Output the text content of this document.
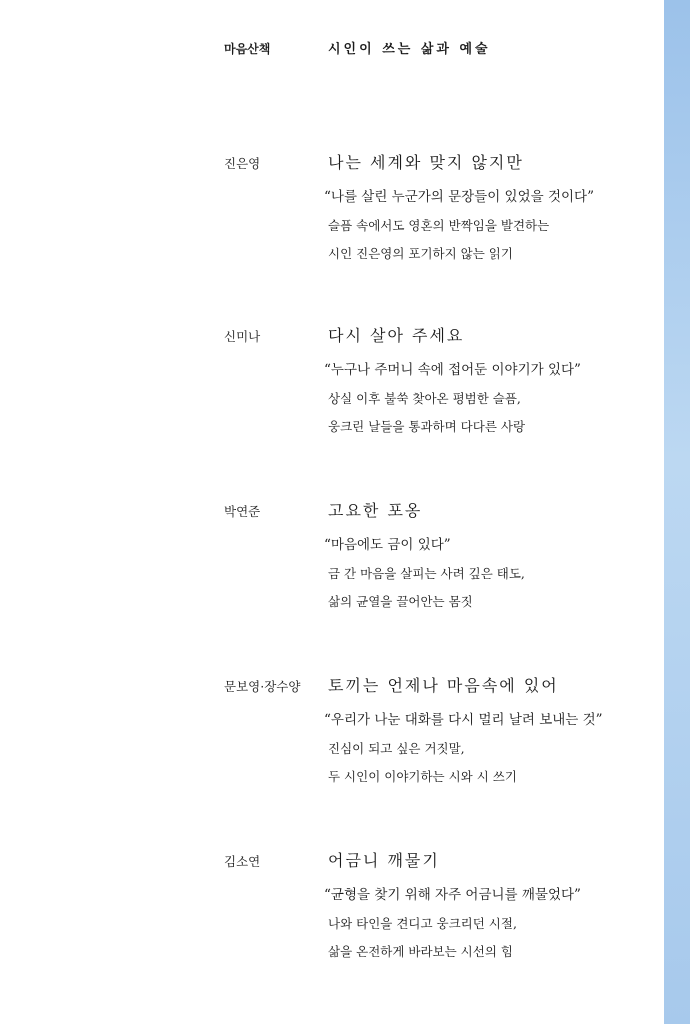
마음산책	시인이 쓰는 삶과 예술
진은영	나는 세계와 맞지 않지만

“나를 살린 누군가의 문장들이 있었을 것이다”

슬픔 속에서도 영혼의 반짝임을 발견하는

시인 진은영의 포기하지 않는 읽기

신미나	다시 살아 주세요

“누구나 주머니 속에 접어둔 이야기가 있다”

상실 이후 불쑥 찾아온 평범한 슬픔,

웅크린 날들을 통과하며 다다른 사랑

박연준	고요한 포옹

“마음에도 금이 있다”

금 간 마음을 살피는 사려 깊은 태도,

삶의 균열을 끌어안는 몸짓

문보영·장수양	토끼는 언제나 마음속에 있어

“우리가 나눈 대화를 다시 멀리 날려 보내는 것”

진심이 되고 싶은 거짓말,

두 시인이 이야기하는 시와 시 쓰기

김소연	어금니 깨물기

“균형을 찾기 위해 자주 어금니를 깨물었다”

나와 타인을 견디고 웅크리던 시절,

삶을 온전하게 바라보는 시선의 힘
